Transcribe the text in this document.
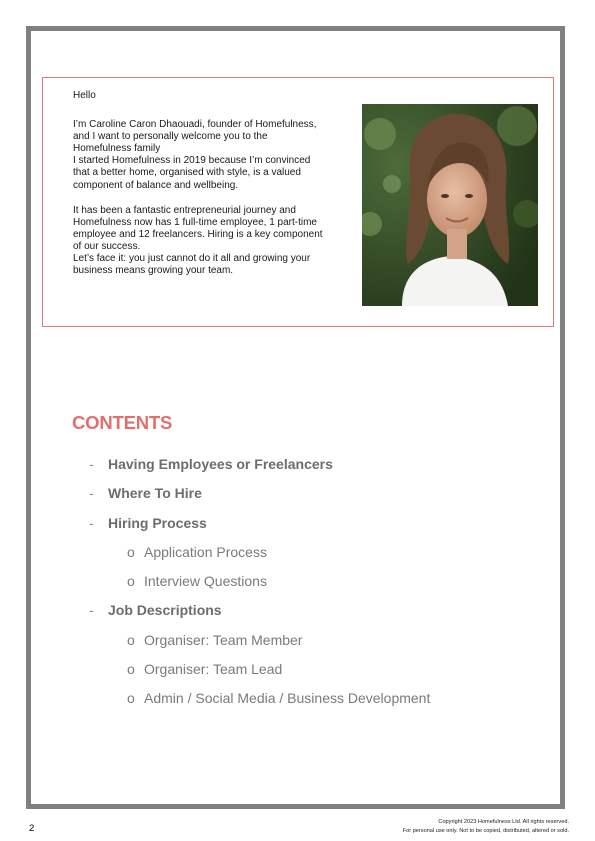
Hello

I’m Caroline Caron Dhaouadi, founder of Homefulness,

and I want to personally welcome you to the

Homefulness family

I started Homefulness in 2019 because I’m convinced

that a better home, organised with style, is a valued

component of balance and wellbeing.

It has been a fantastic entrepreneurial journey and

Homefulness now has 1 full-time employee, 1 part-time

employee and 12 freelancers. Hiring is a key component

of our success.

Let’s face it: you just cannot do it all and growing your

business means growing your team.

CONTENTS
- Having Employees or Freelancers
- Where To Hire
- Hiring Process
o Application Process
o Interview Questions
- Job Descriptions
o Organiser: Team Member
o Organiser: Team Lead
o Admin / Social Media / Business Development
2
Copyright 2023 Homefulness Ltd. All rights reserved.
For personal use only. Not to be copied, distributed, altered or sold.
